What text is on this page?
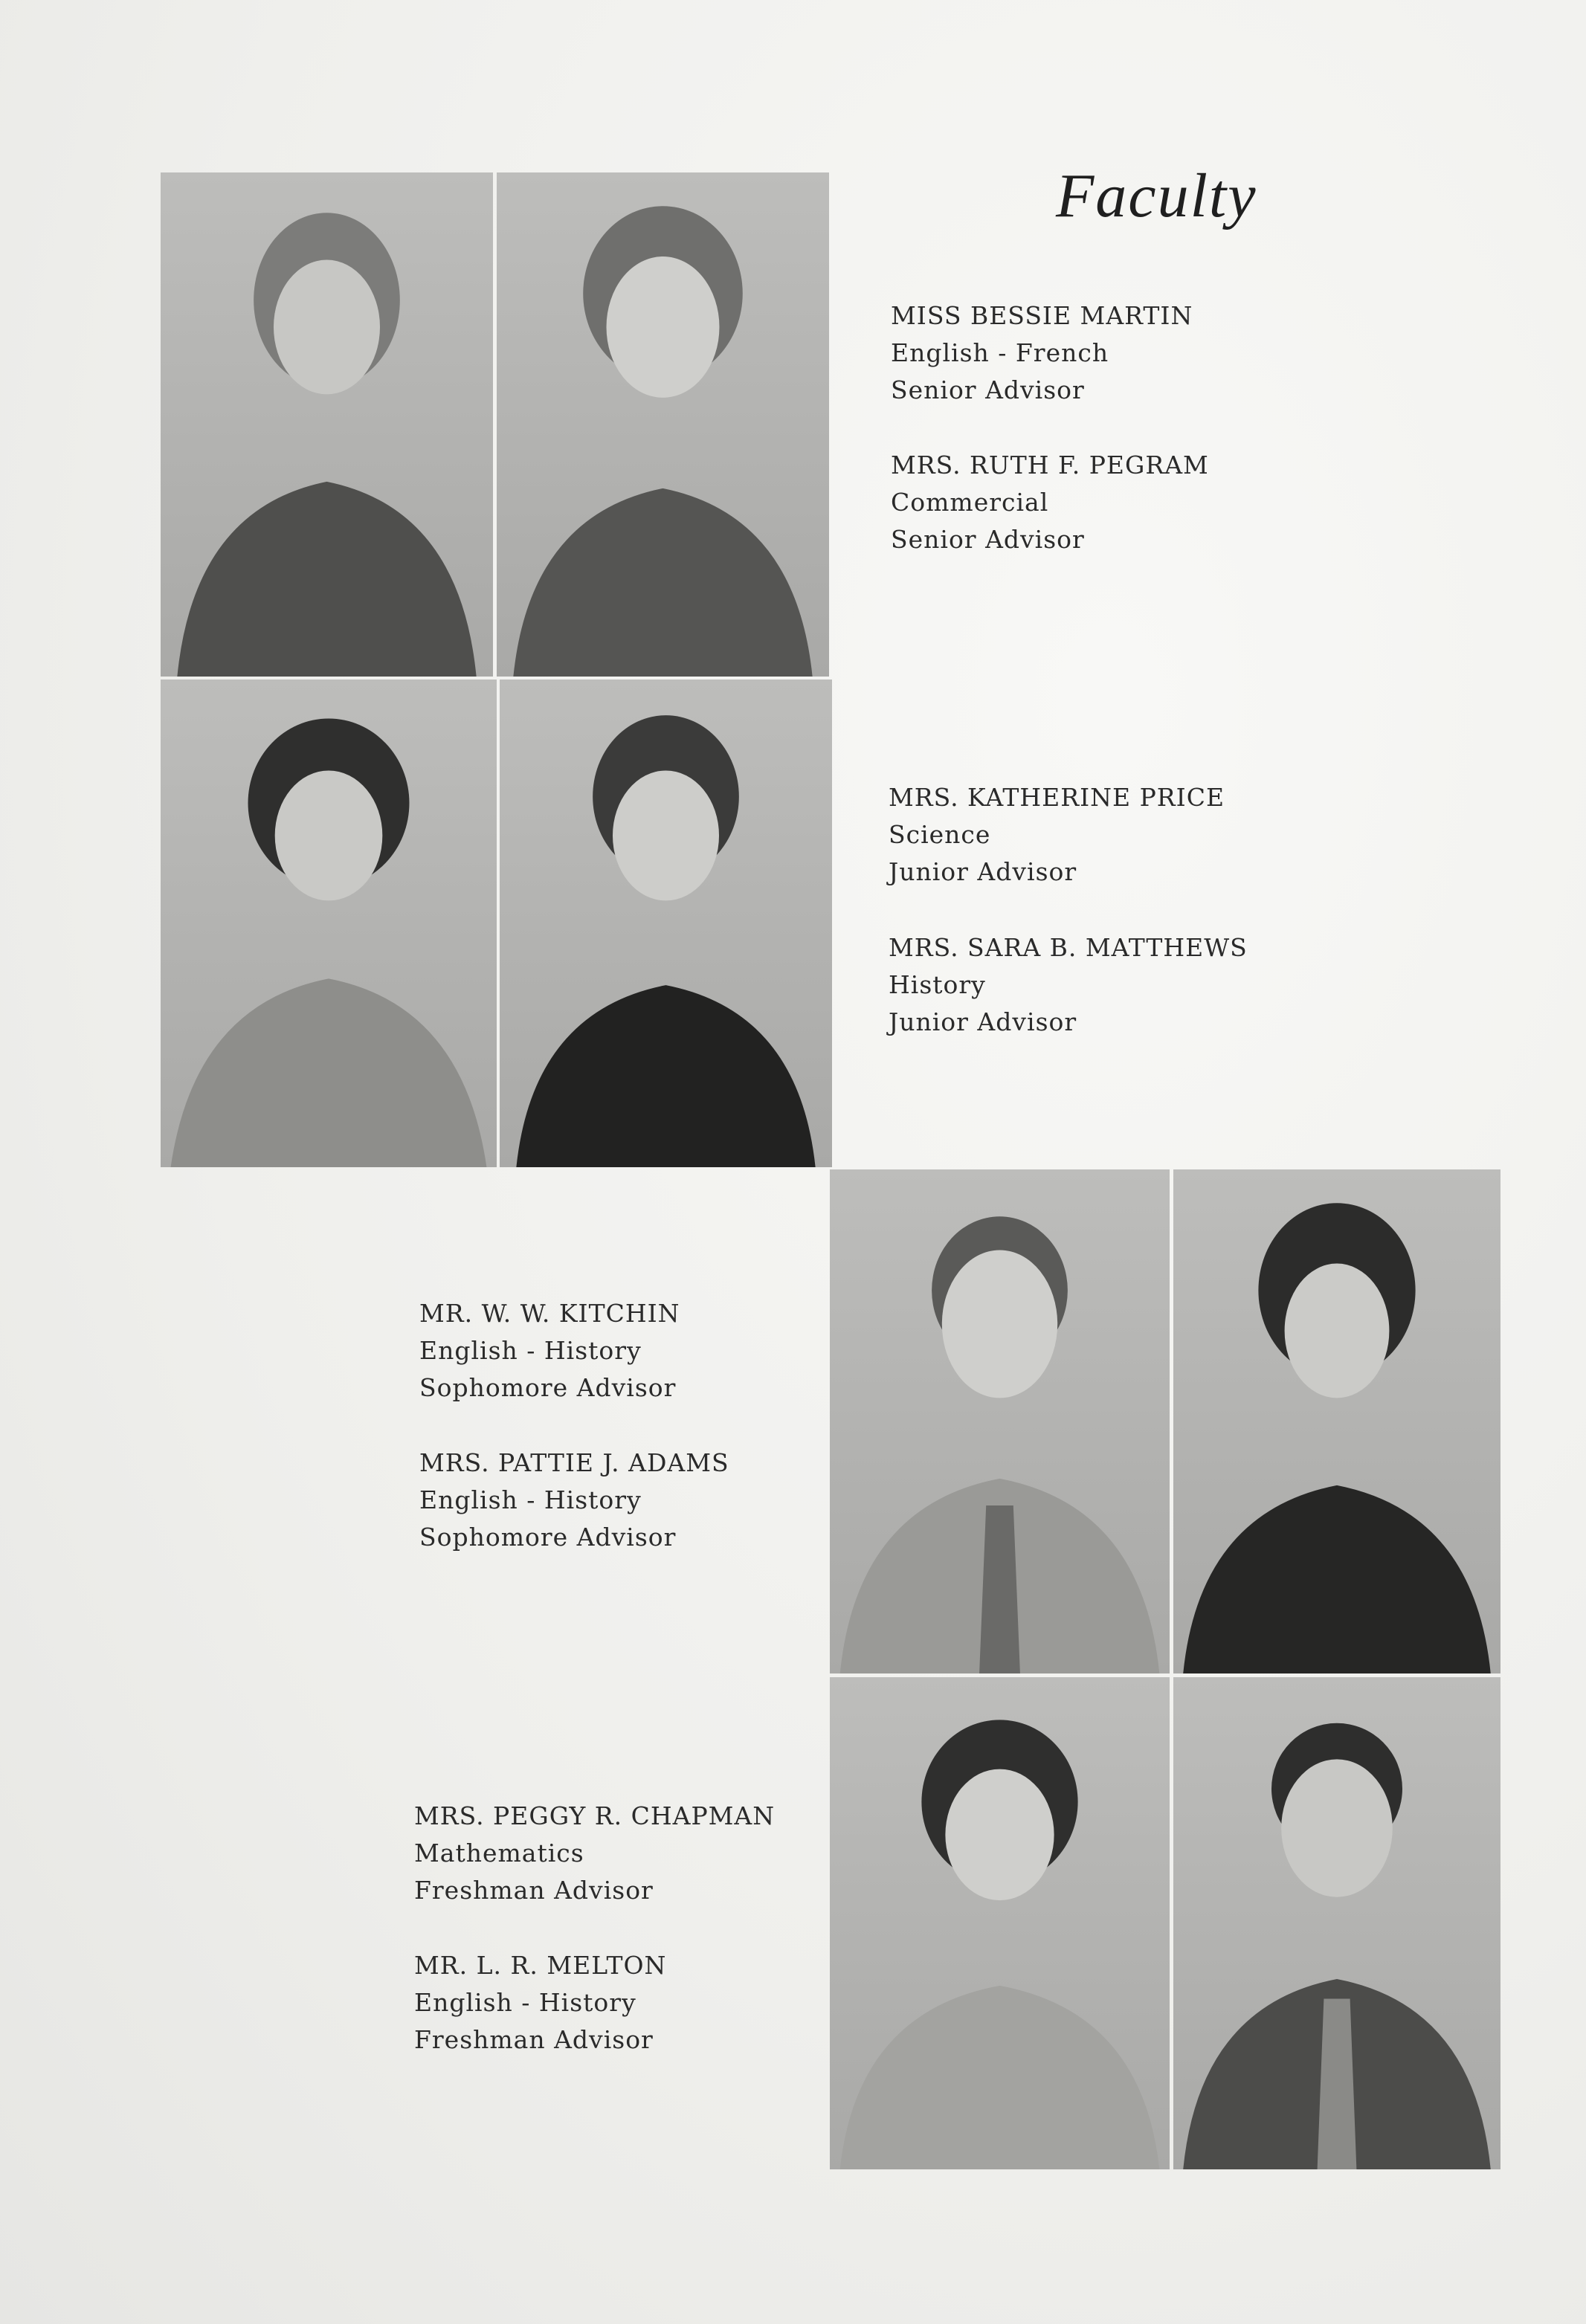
Faculty
MISS BESSIE MARTIN
English - French
Senior Advisor
MRS. RUTH F. PEGRAM
Commercial
Senior Advisor
MRS. KATHERINE PRICE
Science
Junior Advisor
MRS. SARA B. MATTHEWS
History
Junior Advisor
MR. W. W. KITCHIN
English - History
Sophomore Advisor
MRS. PATTIE J. ADAMS
English - History
Sophomore Advisor
MRS. PEGGY R. CHAPMAN
Mathematics
Freshman Advisor
MR. L. R. MELTON
English - History
Freshman Advisor
